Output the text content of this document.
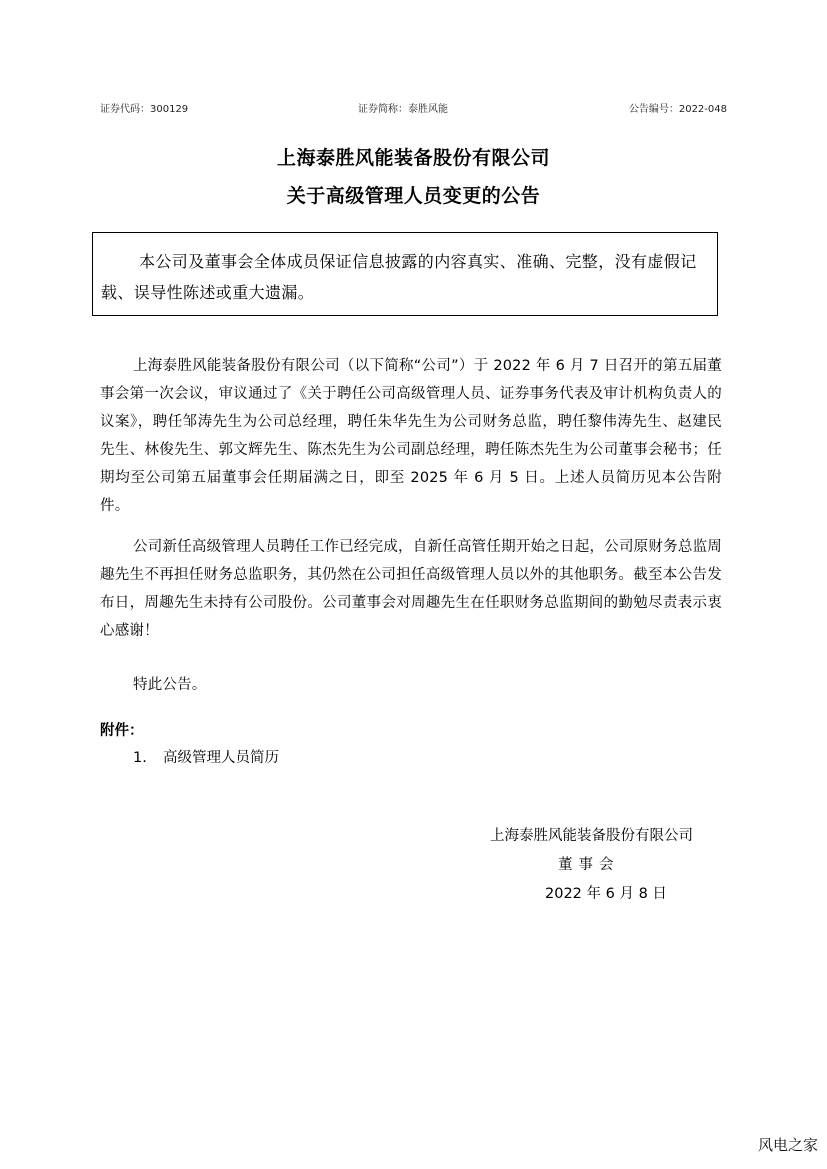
证券代码：300129	证券简称：泰胜风能	公告编号：2022-048
上海泰胜风能装备股份有限公司
关于高级管理人员变更的公告
本公司及董事会全体成员保证信息披露的内容真实、准确、完整，没有虚假记载、误导性陈述或重大遗漏。

上海泰胜风能装备股份有限公司（以下简称“公司”）于 2022 年 6 月 7 日召开的第五届董事会第一次会议，审议通过了《关于聘任公司高级管理人员、证券事务代表及审计机构负责人的议案》，聘任邹涛先生为公司总经理，聘任朱华先生为公司财务总监，聘任黎伟涛先生、赵建民先生、林俊先生、郭文辉先生、陈杰先生为公司副总经理，聘任陈杰先生为公司董事会秘书；任期均至公司第五届董事会任期届满之日，即至 2025 年 6 月 5 日。上述人员简历见本公告附件。

公司新任高级管理人员聘任工作已经完成，自新任高管任期开始之日起，公司原财务总监周趣先生不再担任财务总监职务，其仍然在公司担任高级管理人员以外的其他职务。截至本公告发布日，周趣先生未持有公司股份。公司董事会对周趣先生在任职财务总监期间的勤勉尽责表示衷心感谢！

特此公告。

附件：
1. 高级管理人员简历
上海泰胜风能装备股份有限公司
董事会
2022 年 6 月 8 日
风电之家
